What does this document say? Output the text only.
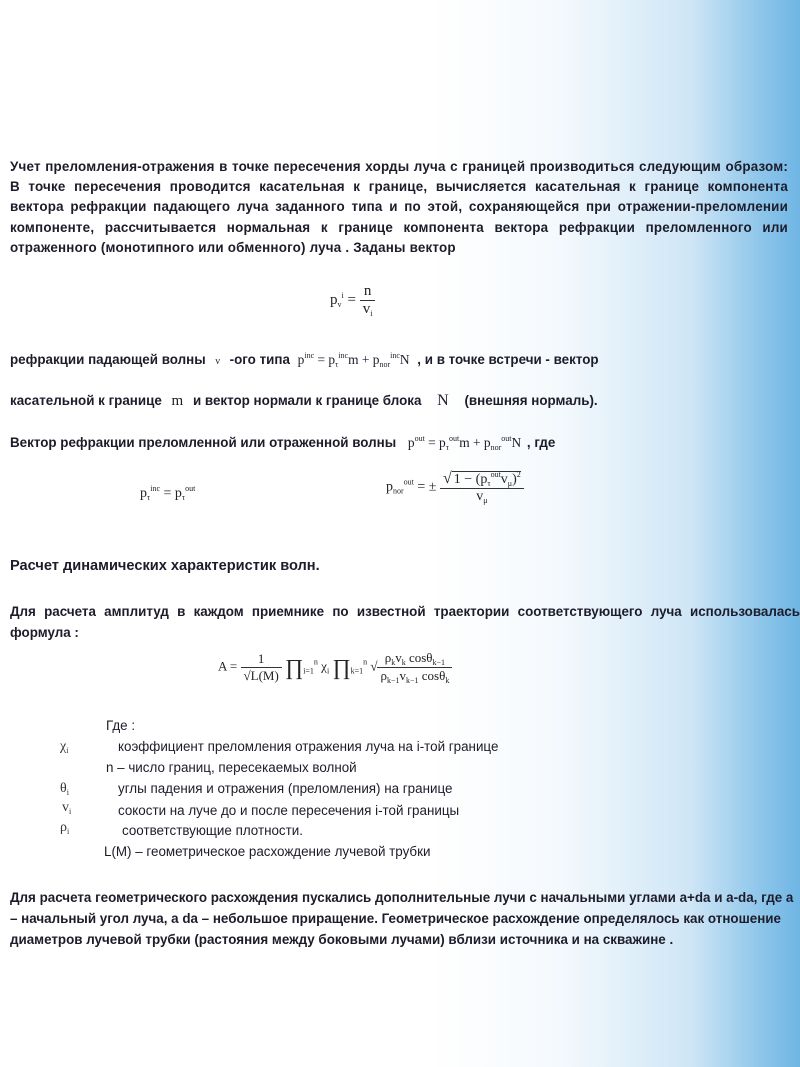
Учет преломления-отражения в точке пересечения хорды луча с границей производиться следующим образом: В точке пересечения проводится касательная к границе, вычисляется касательная к границе компонента вектора рефракции падающего луча заданного типа и по этой, сохраняющейся при отражении-преломлении компоненте, рассчитывается нормальная к границе компонента вектора рефракции преломленного или отраженного (монотипного или обменного) луча . Заданы вектор
$p_v^i = \frac{n}{v_i}$
рефракции падающей волны ν -ого типа $p^{inc} = p_\tau^{inc}m + p_{nor}^{inc}N$ , и в точке встречи - вектор
касательной к границе m и вектор нормали к границе блока N (внешняя нормаль).
Вектор рефракции преломленной или отраженной волны $p^{out} = p_\tau^{out}m + p_{nor}^{out}N$ , где
$p_\tau^{inc} = p_\tau^{out}$	$p_{nor}^{out}$ = ± $\frac{√ 1 - (p_\tau^{out}v_\mu)^2}{v_\mu}$
Расчет динамических характеристик волн.
Для расчета амплитуд в каждом приемнике по известной траектории соответствующего луча использовалась формула :
$A = \frac{1}{√L(M)}$ $\prod_{i=1}^n$ $\chi_i$ $\prod_{k=1}^n$ √ $\frac{\rho_kv_k \cos\theta_{k-1}}{\rho_{k-1}v_{k-1} \cos\theta_k}$
Где :
$\chi_i$	коэффициент преломления отражения луча на i-той границе
n – число границ, пересекаемых волной
$\theta_i$	углы падения и отражения (преломления) на границе
$v_i$	сокости на луче до и после пересечения i-той границы
$\rho_i$	соответствующие плотности.
L(M) – геометрическое расхождение лучевой трубки
Для расчета геометрического расхождения пускались дополнительные лучи с начальными углами a+da и a-da, где a – начальный угол луча, a da – небольшое приращение. Геометрическое расхождение определялось как отношение диаметров лучевой трубки (растояния между боковыми лучами) вблизи источника и на скважине .
